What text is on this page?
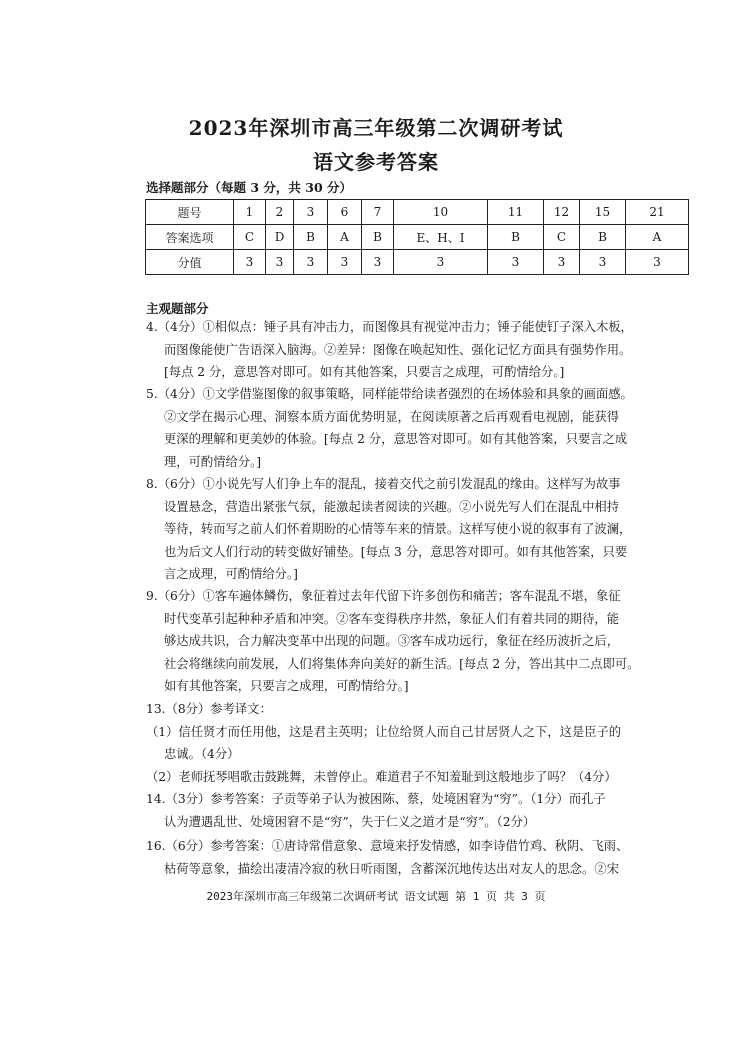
2023年深圳市高三年级第二次调研考试
语文参考答案
选择题部分（每题 3 分，共 30 分）
题号	1	2	3	6	7	10	11	12	15	21
答案选项	C	D	B	A	B	E、H、I	B	C	B	A
分值	3	3	3	3	3	3	3	3	3	3
主观题部分
4.（4分）①相似点：锤子具有冲击力，而图像具有视觉冲击力；锤子能使钉子深入木板，
而图像能使广告语深入脑海。②差异：图像在唤起知性、强化记忆方面具有强势作用。
[每点 2 分，意思答对即可。如有其他答案，只要言之成理，可酌情给分。]
5.（4分）①文学借鉴图像的叙事策略，同样能带给读者强烈的在场体验和具象的画面感。
②文学在揭示心理、洞察本质方面优势明显，在阅读原著之后再观看电视剧，能获得
更深的理解和更美妙的体验。[每点 2 分，意思答对即可。如有其他答案，只要言之成
理，可酌情给分。]
8.（6分）①小说先写人们争上车的混乱，接着交代之前引发混乱的缘由。这样写为故事
设置悬念，营造出紧张气氛，能激起读者阅读的兴趣。②小说先写人们在混乱中相持
等待，转而写之前人们怀着期盼的心情等车来的情景。这样写使小说的叙事有了波澜，
也为后文人们行动的转变做好铺垫。[每点 3 分，意思答对即可。如有其他答案，只要
言之成理，可酌情给分。]
9.（6分）①客车遍体鳞伤，象征着过去年代留下许多创伤和痛苦；客车混乱不堪，象征
时代变革引起种种矛盾和冲突。②客车变得秩序井然，象征人们有着共同的期待，能
够达成共识，合力解决变革中出现的问题。③客车成功远行，象征在经历波折之后，
社会将继续向前发展，人们将集体奔向美好的新生活。[每点 2 分，答出其中二点即可。
如有其他答案，只要言之成理，可酌情给分。]
13.（8分）参考译文：
（1）信任贤才而任用他，这是君主英明；让位给贤人而自己甘居贤人之下，这是臣子的
忠诚。（4分）
（2）老师抚琴唱歌击鼓跳舞，未曾停止。难道君子不知羞耻到这般地步了吗？（4分）
14.（3分）参考答案：子贡等弟子认为被困陈、蔡，处境困窘为“穷”。（1分）而孔子
认为遭遇乱世、处境困窘不是“穷”，失于仁义之道才是“穷”。（2分）
16.（6分）参考答案：①唐诗常借意象、意境来抒发情感，如李诗借竹鸡、秋阴、飞雨、
枯荷等意象，描绘出凄清冷寂的秋日听雨图，含蓄深沉地传达出对友人的思念。②宋
2023年深圳市高三年级第二次调研考试 语文试题 第 1 页 共 3 页
